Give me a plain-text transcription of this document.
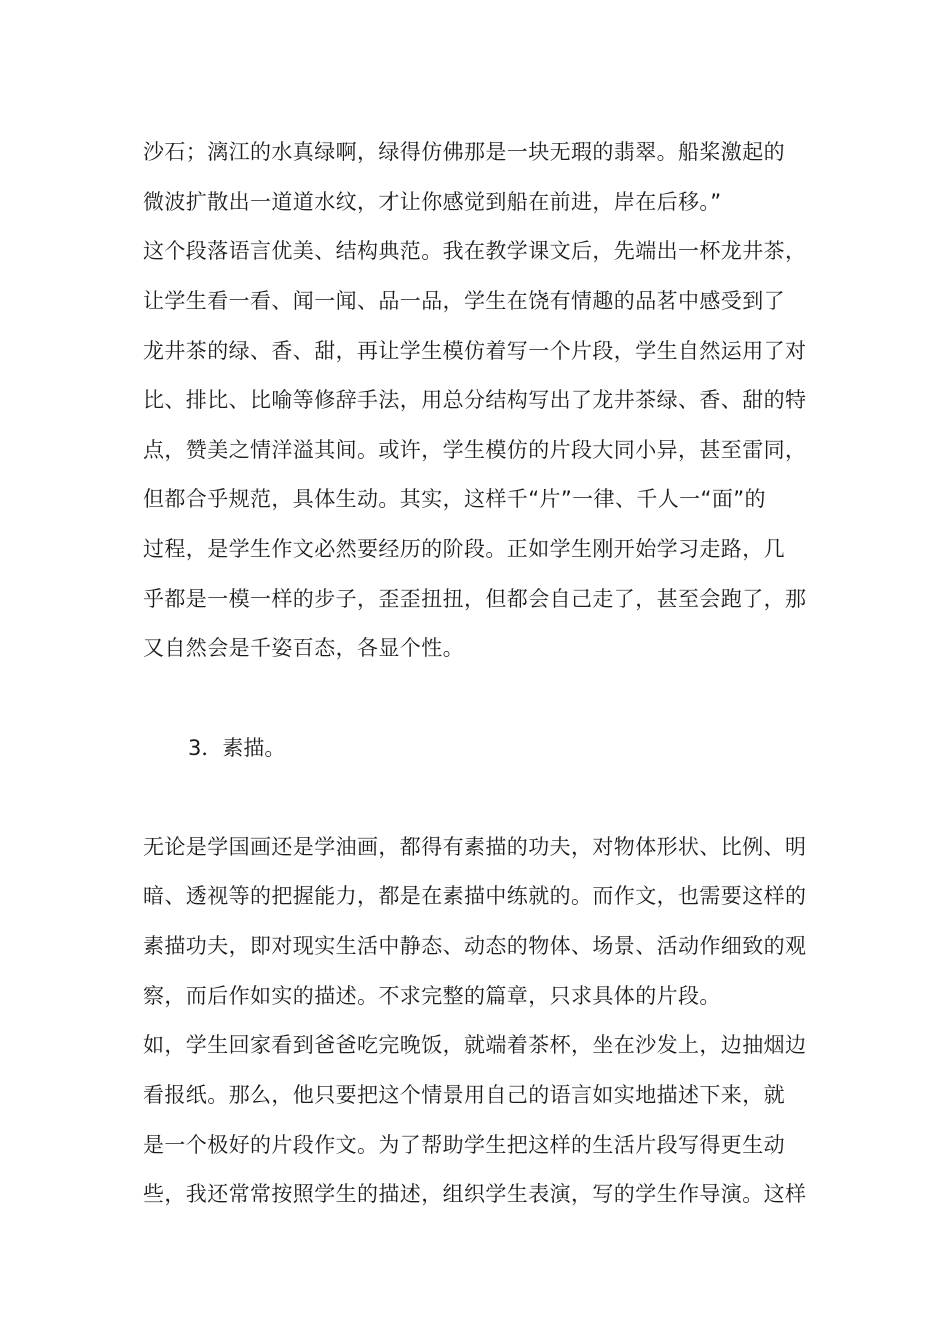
沙石；漓江的水真绿啊，绿得仿佛那是一块无瑕的翡翠。船桨激起的
微波扩散出一道道水纹，才让你感觉到船在前进，岸在后移。”
这个段落语言优美、结构典范。我在教学课文后，先端出一杯龙井茶，
让学生看一看、闻一闻、品一品，学生在饶有情趣的品茗中感受到了
龙井茶的绿、香、甜，再让学生模仿着写一个片段，学生自然运用了对
比、排比、比喻等修辞手法，用总分结构写出了龙井茶绿、香、甜的特
点，赞美之情洋溢其间。或许，学生模仿的片段大同小异，甚至雷同，
但都合乎规范，具体生动。其实，这样千“片”一律、千人一“面”的
过程，是学生作文必然要经历的阶段。正如学生刚开始学习走路，几
乎都是一模一样的步子，歪歪扭扭，但都会自己走了，甚至会跑了，那
又自然会是千姿百态，各显个性。
3．素描。
无论是学国画还是学油画，都得有素描的功夫，对物体形状、比例、明
暗、透视等的把握能力，都是在素描中练就的。而作文，也需要这样的
素描功夫，即对现实生活中静态、动态的物体、场景、活动作细致的观
察，而后作如实的描述。不求完整的篇章，只求具体的片段。
如，学生回家看到爸爸吃完晚饭，就端着茶杯，坐在沙发上，边抽烟边
看报纸。那么，他只要把这个情景用自己的语言如实地描述下来，就
是一个极好的片段作文。为了帮助学生把这样的生活片段写得更生动
些，我还常常按照学生的描述，组织学生表演，写的学生作导演。这样
